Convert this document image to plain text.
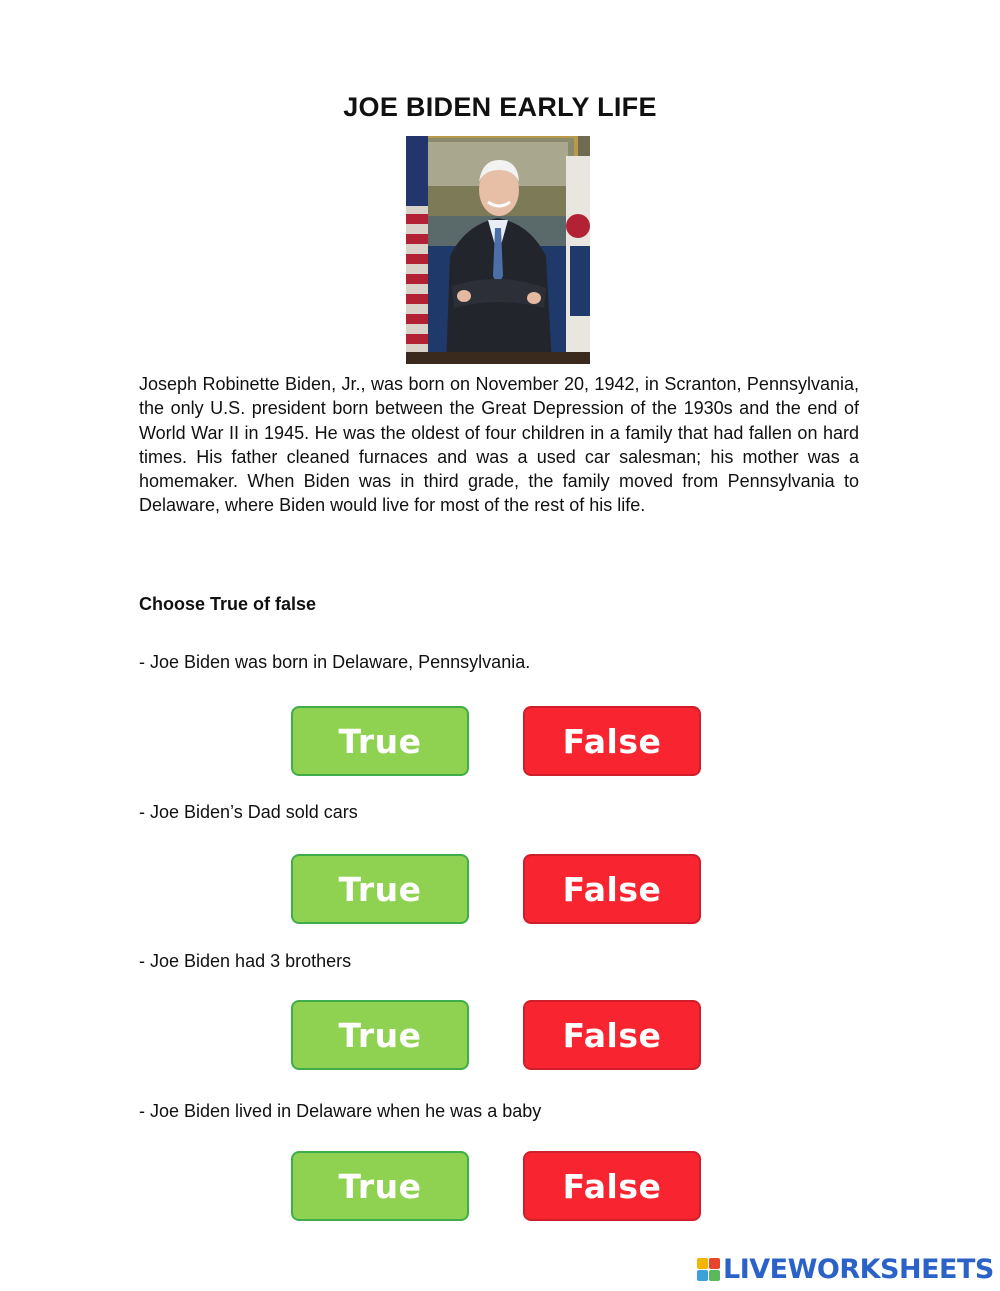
JOE BIDEN EARLY LIFE

Joseph Robinette Biden, Jr., was born on November 20, 1942, in Scranton, Pennsylvania, the only U.S. president born between the Great Depression of the 1930s and the end of World War II in 1945. He was the oldest of four children in a family that had fallen on hard times. His father cleaned furnaces and was a used car salesman; his mother was a homemaker. When Biden was in third grade, the family moved from Pennsylvania to Delaware, where Biden would live for most of the rest of his life.

Choose True of false
- Joe Biden was born in Delaware, Pennsylvania.
True	False
- Joe Biden’s Dad sold cars
True	False
- Joe Biden had 3 brothers
True	False
- Joe Biden lived in Delaware when he was a baby
True	False
LIVEWORKSHEETS
